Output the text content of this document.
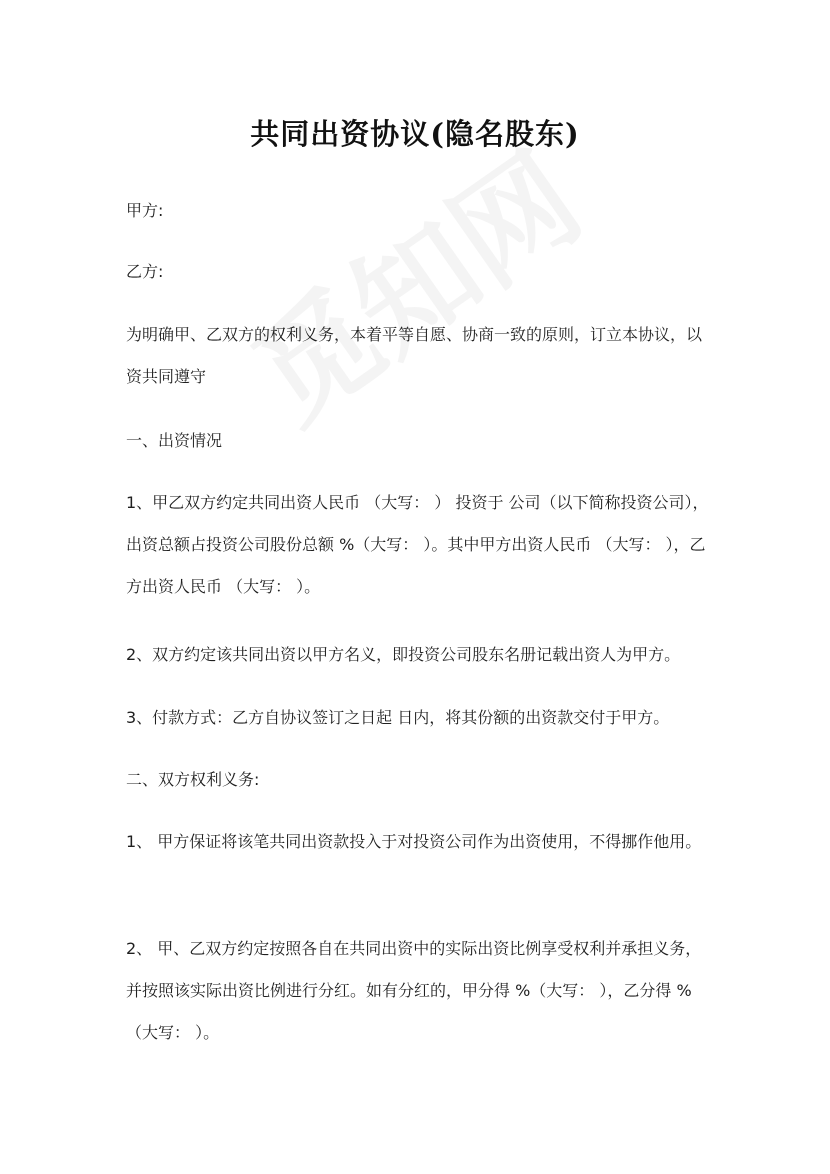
共同出资协议(隐名股东)

甲方:

乙方:

为明确甲、乙双方的权利义务，本着平等自愿、协商一致的原则，订立本协议，以资共同遵守

一、出资情况

1、甲乙双方约定共同出资人民币 （大写： ） 投资于 公司（以下简称投资公司），出资总额占投资公司股份总额 %（大写： ）。其中甲方出资人民币 （大写： ），乙方出资人民币 （大写： ）。

2、双方约定该共同出资以甲方名义，即投资公司股东名册记载出资人为甲方。

3、付款方式：乙方自协议签订之日起 日内，将其份额的出资款交付于甲方。

二、双方权利义务:

1、 甲方保证将该笔共同出资款投入于对投资公司作为出资使用，不得挪作他用。

2、 甲、乙双方约定按照各自在共同出资中的实际出资比例享受权利并承担义务，并按照该实际出资比例进行分红。如有分红的，甲分得 %（大写： ），乙分得 %（大写： ）。
